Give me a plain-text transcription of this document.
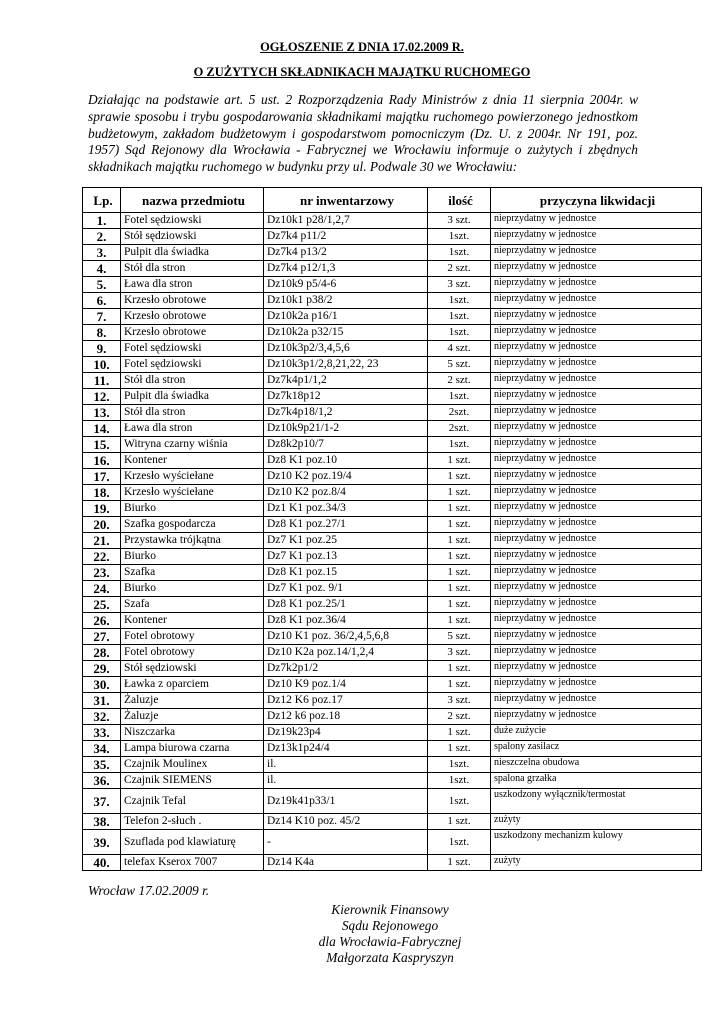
OGŁOSZENIE Z DNIA 17.02.2009 R.
O ZUŻYTYCH SKŁADNIKACH MAJĄTKU RUCHOMEGO

Działając na podstawie art. 5 ust. 2 Rozporządzenia Rady Ministrów z dnia 11 sierpnia 2004r. w sprawie sposobu i trybu gospodarowania składnikami majątku ruchomego powierzonego jednostkom budżetowym, zakładom budżetowym i gospodarstwom pomocniczym (Dz. U. z 2004r. Nr 191, poz. 1957) Sąd Rejonowy dla Wrocławia - Fabrycznej we Wrocławiu informuje o zużytych i zbędnych składnikach majątku ruchomego w budynku przy ul. Podwale 30 we Wrocławiu:

Lp.	nazwa przedmiotu	nr inwentarzowy	ilość	przyczyna likwidacji
1.	Fotel sędziowski	Dz10k1 p28/1,2,7	3 szt.	nieprzydatny w jednostce
2.	Stół sędziowski	Dz7k4 p11/2	1szt.	nieprzydatny w jednostce
3.	Pulpit dla świadka	Dz7k4 p13/2	1szt.	nieprzydatny w jednostce
4.	Stół dla stron	Dz7k4 p12/1,3	2 szt.	nieprzydatny w jednostce
5.	Ława dla stron	Dz10k9 p5/4-6	3 szt.	nieprzydatny w jednostce
6.	Krzesło obrotowe	Dz10k1 p38/2	1szt.	nieprzydatny w jednostce
7.	Krzesło obrotowe	Dz10k2a p16/1	1szt.	nieprzydatny w jednostce
8.	Krzesło obrotowe	Dz10k2a p32/15	1szt.	nieprzydatny w jednostce
9.	Fotel sędziowski	Dz10k3p2/3,4,5,6	4 szt.	nieprzydatny w jednostce
10.	Fotel sędziowski	Dz10k3p1/2,8,21,22, 23	5 szt.	nieprzydatny w jednostce
11.	Stół dla stron	Dz7k4p1/1,2	2 szt.	nieprzydatny w jednostce
12.	Pulpit dla świadka	Dz7k18p12	1szt.	nieprzydatny w jednostce
13.	Stół dla stron	Dz7k4p18/1,2	2szt.	nieprzydatny w jednostce
14.	Ława dla stron	Dz10k9p21/1-2	2szt.	nieprzydatny w jednostce
15.	Witryna czarny wiśnia	Dz8k2p10/7	1szt.	nieprzydatny w jednostce
16.	Kontener	Dz8 K1 poz.10	1 szt.	nieprzydatny w jednostce
17.	Krzesło wyściełane	Dz10 K2 poz.19/4	1 szt.	nieprzydatny w jednostce
18.	Krzesło wyściełane	Dz10 K2 poz.8/4	1 szt.	nieprzydatny w jednostce
19.	Biurko	Dz1 K1 poz.34/3	1 szt.	nieprzydatny w jednostce
20.	Szafka gospodarcza	Dz8 K1 poz.27/1	1 szt.	nieprzydatny w jednostce
21.	Przystawka trójkątna	Dz7 K1 poz.25	1 szt.	nieprzydatny w jednostce
22.	Biurko	Dz7 K1 poz.13	1 szt.	nieprzydatny w jednostce
23.	Szafka	Dz8 K1 poz.15	1 szt.	nieprzydatny w jednostce
24.	Biurko	Dz7 K1 poz. 9/1	1 szt.	nieprzydatny w jednostce
25.	Szafa	Dz8 K1 poz.25/1	1 szt.	nieprzydatny w jednostce
26.	Kontener	Dz8 K1 poz.36/4	1 szt.	nieprzydatny w jednostce
27.	Fotel obrotowy	Dz10 K1 poz. 36/2,4,5,6,8	5 szt.	nieprzydatny w jednostce
28.	Fotel obrotowy	Dz10 K2a poz.14/1,2,4	3 szt.	nieprzydatny w jednostce
29.	Stół sędziowski	Dz7k2p1/2	1 szt.	nieprzydatny w jednostce
30.	Ławka z oparciem	Dz10 K9 poz.1/4	1 szt.	nieprzydatny w jednostce
31.	Żaluzje	Dz12 K6 poz.17	3 szt.	nieprzydatny w jednostce
32.	Żaluzje	Dz12 k6 poz.18	2 szt.	nieprzydatny w jednostce
33.	Niszczarka	Dz19k23p4	1 szt.	duże zużycie
34.	Lampa biurowa czarna	Dz13k1p24/4	1 szt.	spalony zasilacz
35.	Czajnik Moulinex	il.	1szt.	nieszczelna obudowa
36.	Czajnik SIEMENS	il.	1szt.	spalona grzałka
37.	Czajnik Tefal	Dz19k41p33/1	1szt.	uszkodzony wyłącznik/termostat
38.	Telefon 2-słuch .	Dz14 K10 poz. 45/2	1 szt.	zużyty
39.	Szuflada pod klawiaturę	-	1szt.	uszkodzony mechanizm kulowy
40.	telefax Kserox 7007	Dz14 K4a	1 szt.	zużyty
Wrocław 17.02.2009 r.
Kierownik Finansowy
Sądu Rejonowego
dla Wrocławia-Fabrycznej
Małgorzata Kaspryszyn
